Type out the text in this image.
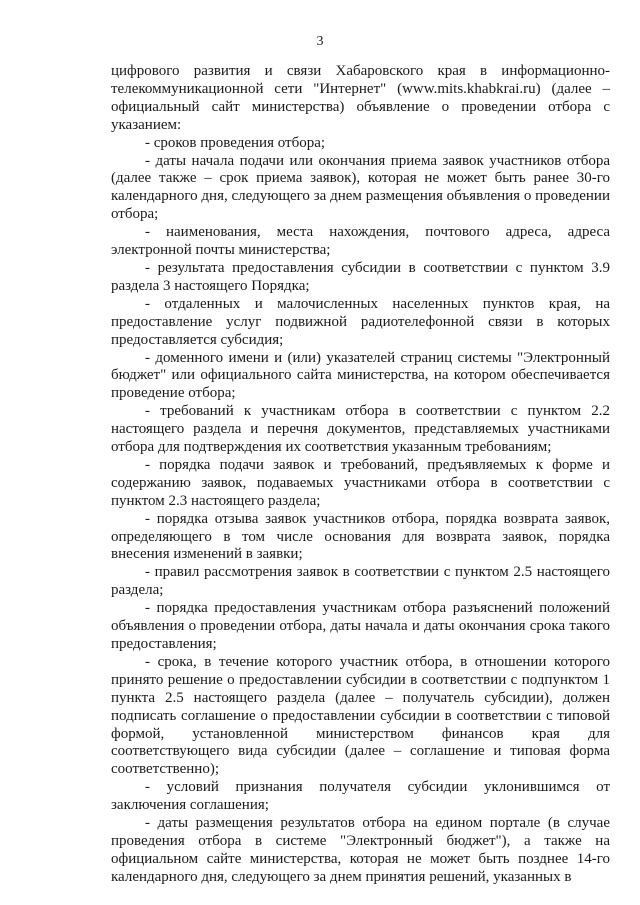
3

цифрового развития и связи Хабаровского края в информационно-телекоммуникационной сети "Интернет" (www.mits.khabkrai.ru) (далее – официальный сайт министерства) объявление о проведении отбора с указанием:

- сроков проведения отбора;

- даты начала подачи или окончания приема заявок участников отбора (далее также – срок приема заявок), которая не может быть ранее 30-го календарного дня, следующего за днем размещения объявления о проведении отбора;

- наименования, места нахождения, почтового адреса, адреса электронной почты министерства;

- результата предоставления субсидии в соответствии с пунктом 3.9 раздела 3 настоящего Порядка;

- отдаленных и малочисленных населенных пунктов края, на предоставление услуг подвижной радиотелефонной связи в которых предоставляется субсидия;

- доменного имени и (или) указателей страниц системы "Электронный бюджет" или официального сайта министерства, на котором обеспечивается проведение отбора;

- требований к участникам отбора в соответствии с пунктом 2.2 настоящего раздела и перечня документов, представляемых участниками отбора для подтверждения их соответствия указанным требованиям;

- порядка подачи заявок и требований, предъявляемых к форме и содержанию заявок, подаваемых участниками отбора в соответствии с пунктом 2.3 настоящего раздела;

- порядка отзыва заявок участников отбора, порядка возврата заявок, определяющего в том числе основания для возврата заявок, порядка внесения изменений в заявки;

- правил рассмотрения заявок в соответствии с пунктом 2.5 настоящего раздела;

- порядка предоставления участникам отбора разъяснений положений объявления о проведении отбора, даты начала и даты окончания срока такого предоставления;

- срока, в течение которого участник отбора, в отношении которого принято решение о предоставлении субсидии в соответствии с подпунктом 1 пункта 2.5 настоящего раздела (далее – получатель субсидии), должен подписать соглашение о предоставлении субсидии в соответствии с типовой формой, установленной министерством финансов края для соответствующего вида субсидии (далее – соглашение и типовая форма соответственно);

- условий признания получателя субсидии уклонившимся от заключения соглашения;

- даты размещения результатов отбора на едином портале (в случае проведения отбора в системе "Электронный бюджет"), а также на официальном сайте министерства, которая не может быть позднее 14-го календарного дня, следующего за днем принятия решений, указанных в
